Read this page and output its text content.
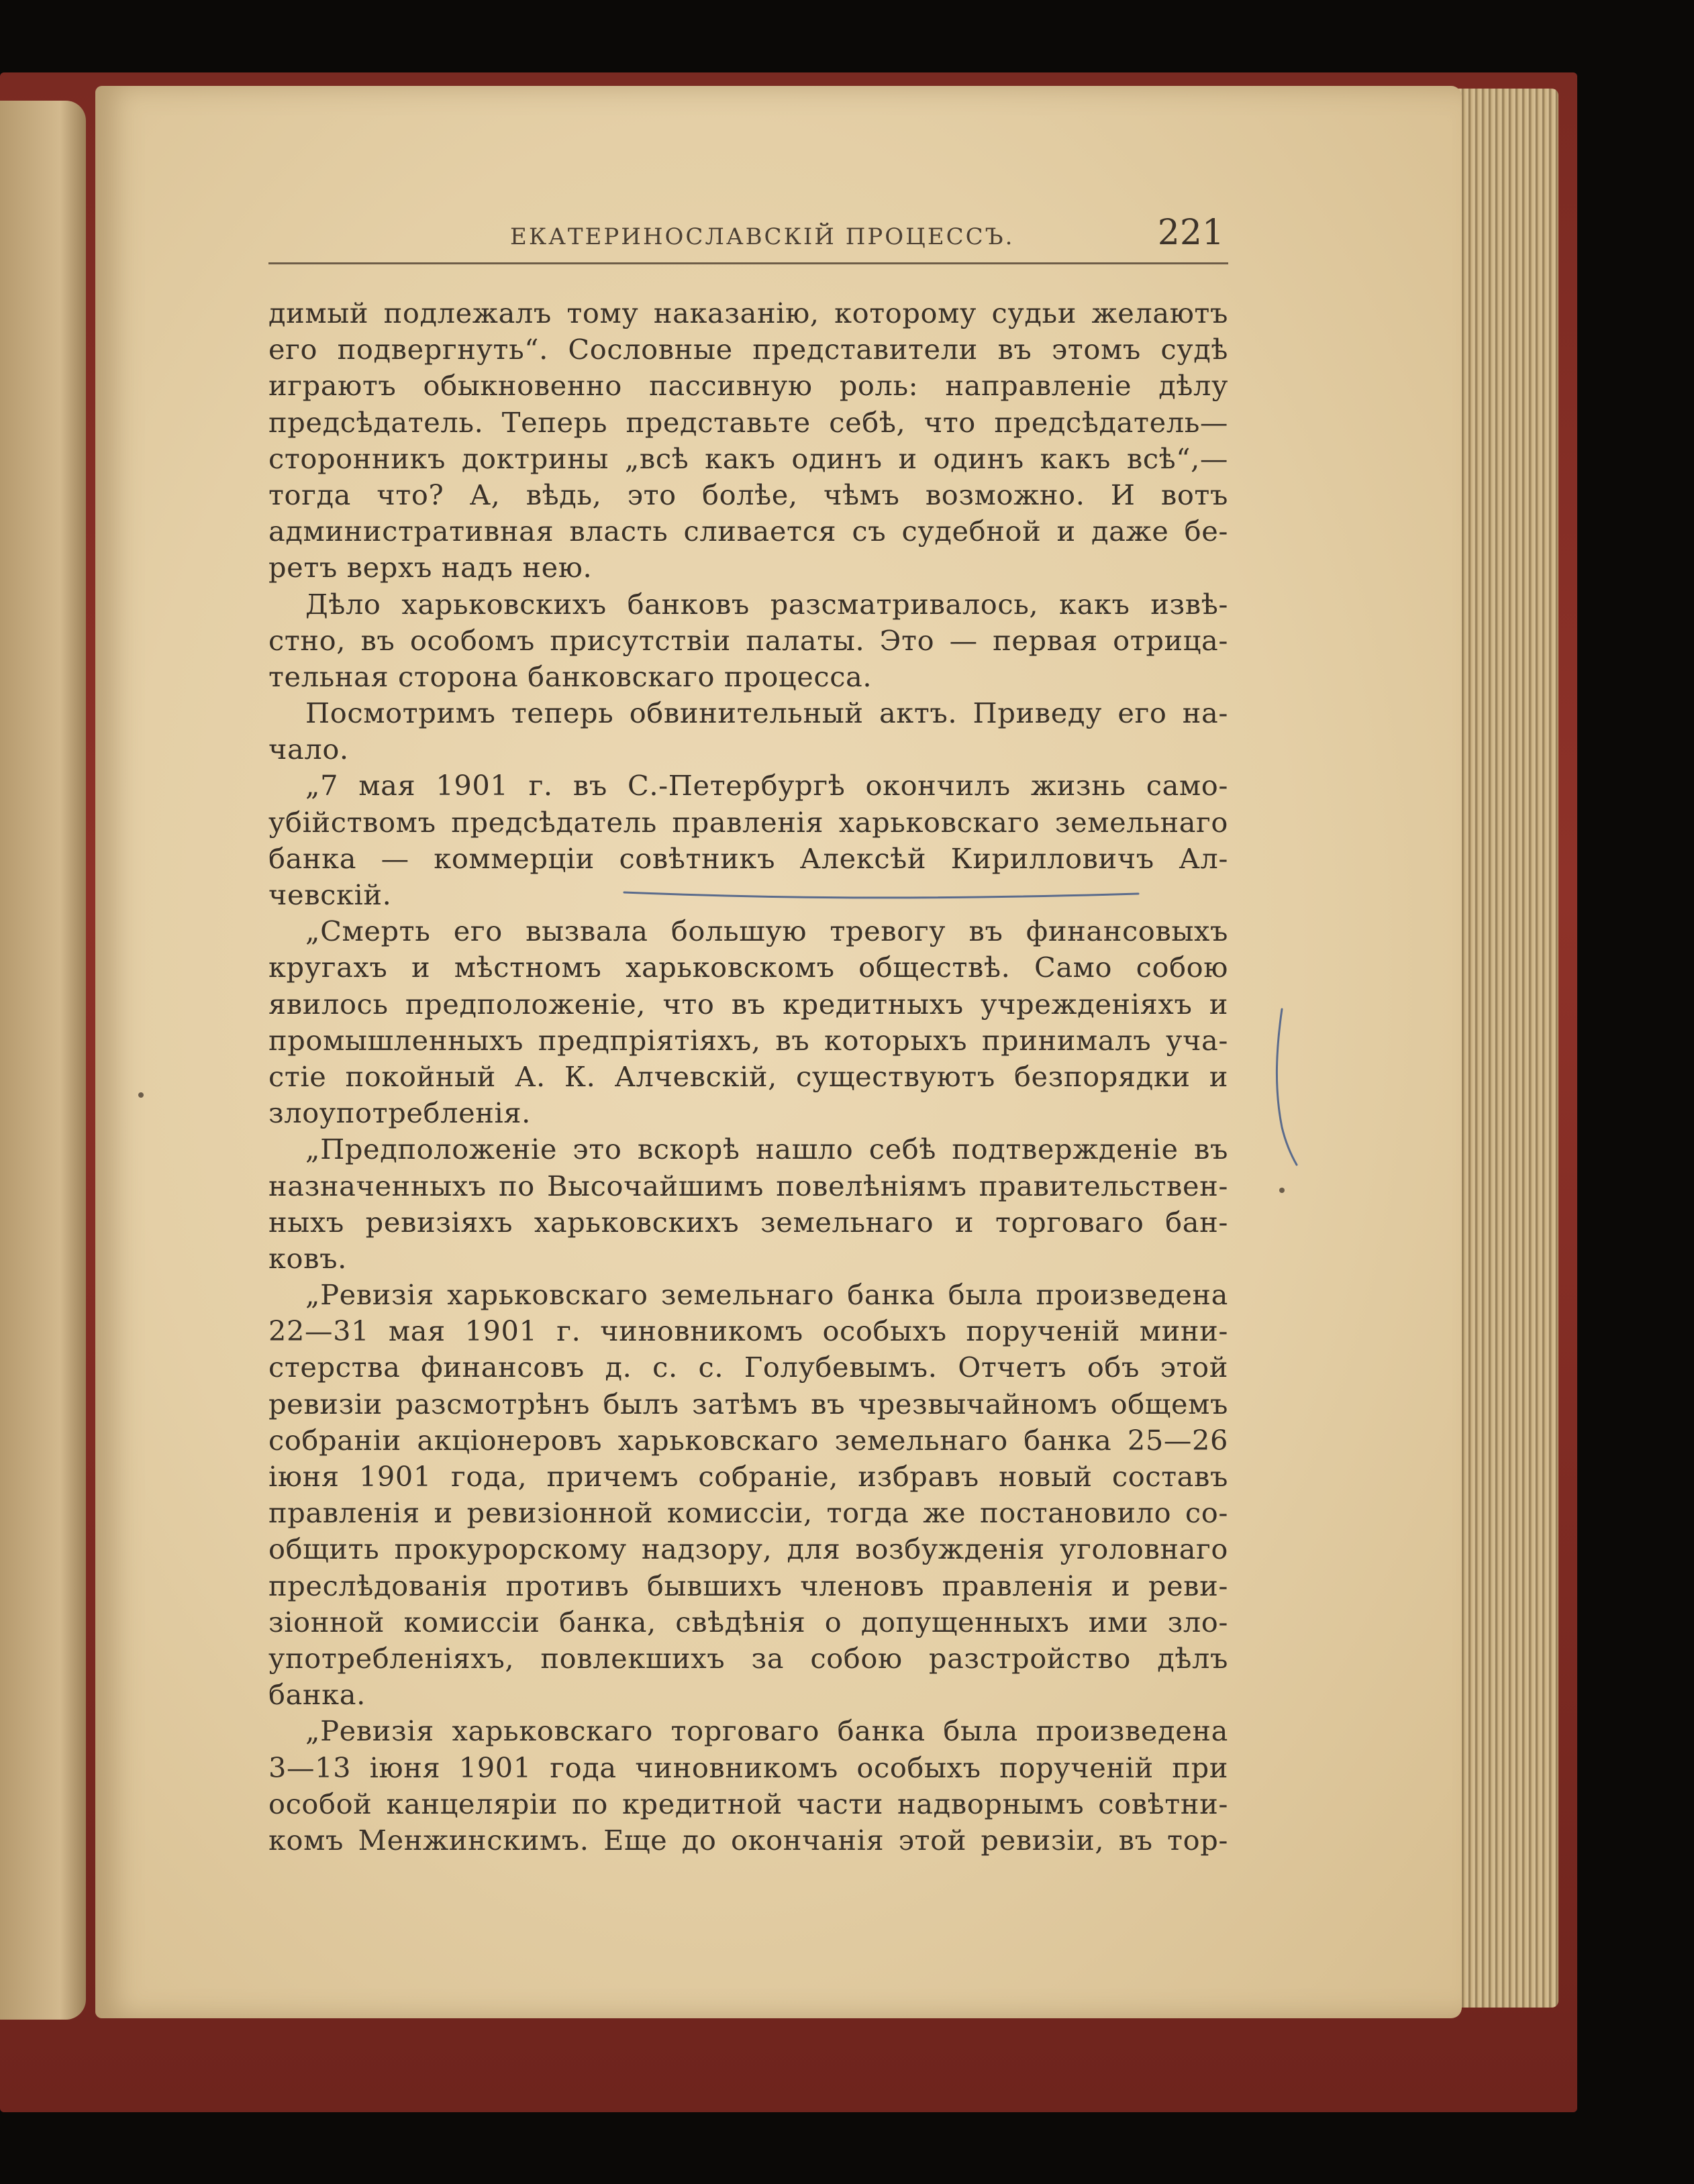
ЕКАТЕРИНОСЛАВСКІЙ ПРОЦЕССЪ.	221
димый подлежалъ тому наказанію, которому судьи желаютъ
его подвергнуть“. Сословные представители въ этомъ судѣ
играютъ обыкновенно пассивную роль: направленіе дѣлу
предсѣдатель. Теперь представьте себѣ, что предсѣдатель—
сторонникъ доктрины „всѣ какъ одинъ и одинъ какъ всѣ“,—
тогда что? А, вѣдь, это болѣе, чѣмъ возможно. И вотъ
административная власть сливается съ судебной и даже бе-
ретъ верхъ надъ нею.
Дѣло харьковскихъ банковъ разсматривалось, какъ извѣ-
стно, въ особомъ присутствіи палаты. Это — первая отрица-
тельная сторона банковскаго процесса.
Посмотримъ теперь обвинительный актъ. Приведу его на-
чало.
„7 мая 1901 г. въ С.-Петербургѣ окончилъ жизнь само-
убійствомъ предсѣдатель правленія харьковскаго земельнаго
банка — коммерціи совѣтникъ Алексѣй Кирилловичъ Ал-
чевскій.
„Смерть его вызвала большую тревогу въ финансовыхъ
кругахъ и мѣстномъ харьковскомъ обществѣ. Само собою
явилось предположеніе, что въ кредитныхъ учрежденіяхъ и
промышленныхъ предпріятіяхъ, въ которыхъ принималъ уча-
стіе покойный А. К. Алчевскій, существуютъ безпорядки и
злоупотребленія.
„Предположеніе это вскорѣ нашло себѣ подтвержденіе въ
назначенныхъ по Высочайшимъ повелѣніямъ правительствен-
ныхъ ревизіяхъ харьковскихъ земельнаго и торговаго бан-
ковъ.
„Ревизія харьковскаго земельнаго банка была произведена
22—31 мая 1901 г. чиновникомъ особыхъ порученій мини-
стерства финансовъ д. с. с. Голубевымъ. Отчетъ объ этой
ревизіи разсмотрѣнъ былъ затѣмъ въ чрезвычайномъ общемъ
собраніи акціонеровъ харьковскаго земельнаго банка 25—26
іюня 1901 года, причемъ собраніе, избравъ новый составъ
правленія и ревизіонной комиссіи, тогда же постановило со-
общить прокурорскому надзору, для возбужденія уголовнаго
преслѣдованія противъ бывшихъ членовъ правленія и реви-
зіонной комиссіи банка, свѣдѣнія о допущенныхъ ими зло-
употребленіяхъ, повлекшихъ за собою разстройство дѣлъ
банка.
„Ревизія харьковскаго торговаго банка была произведена
3—13 іюня 1901 года чиновникомъ особыхъ порученій при
особой канцеляріи по кредитной части надворнымъ совѣтни-
комъ Менжинскимъ. Еще до окончанія этой ревизіи, въ тор-
